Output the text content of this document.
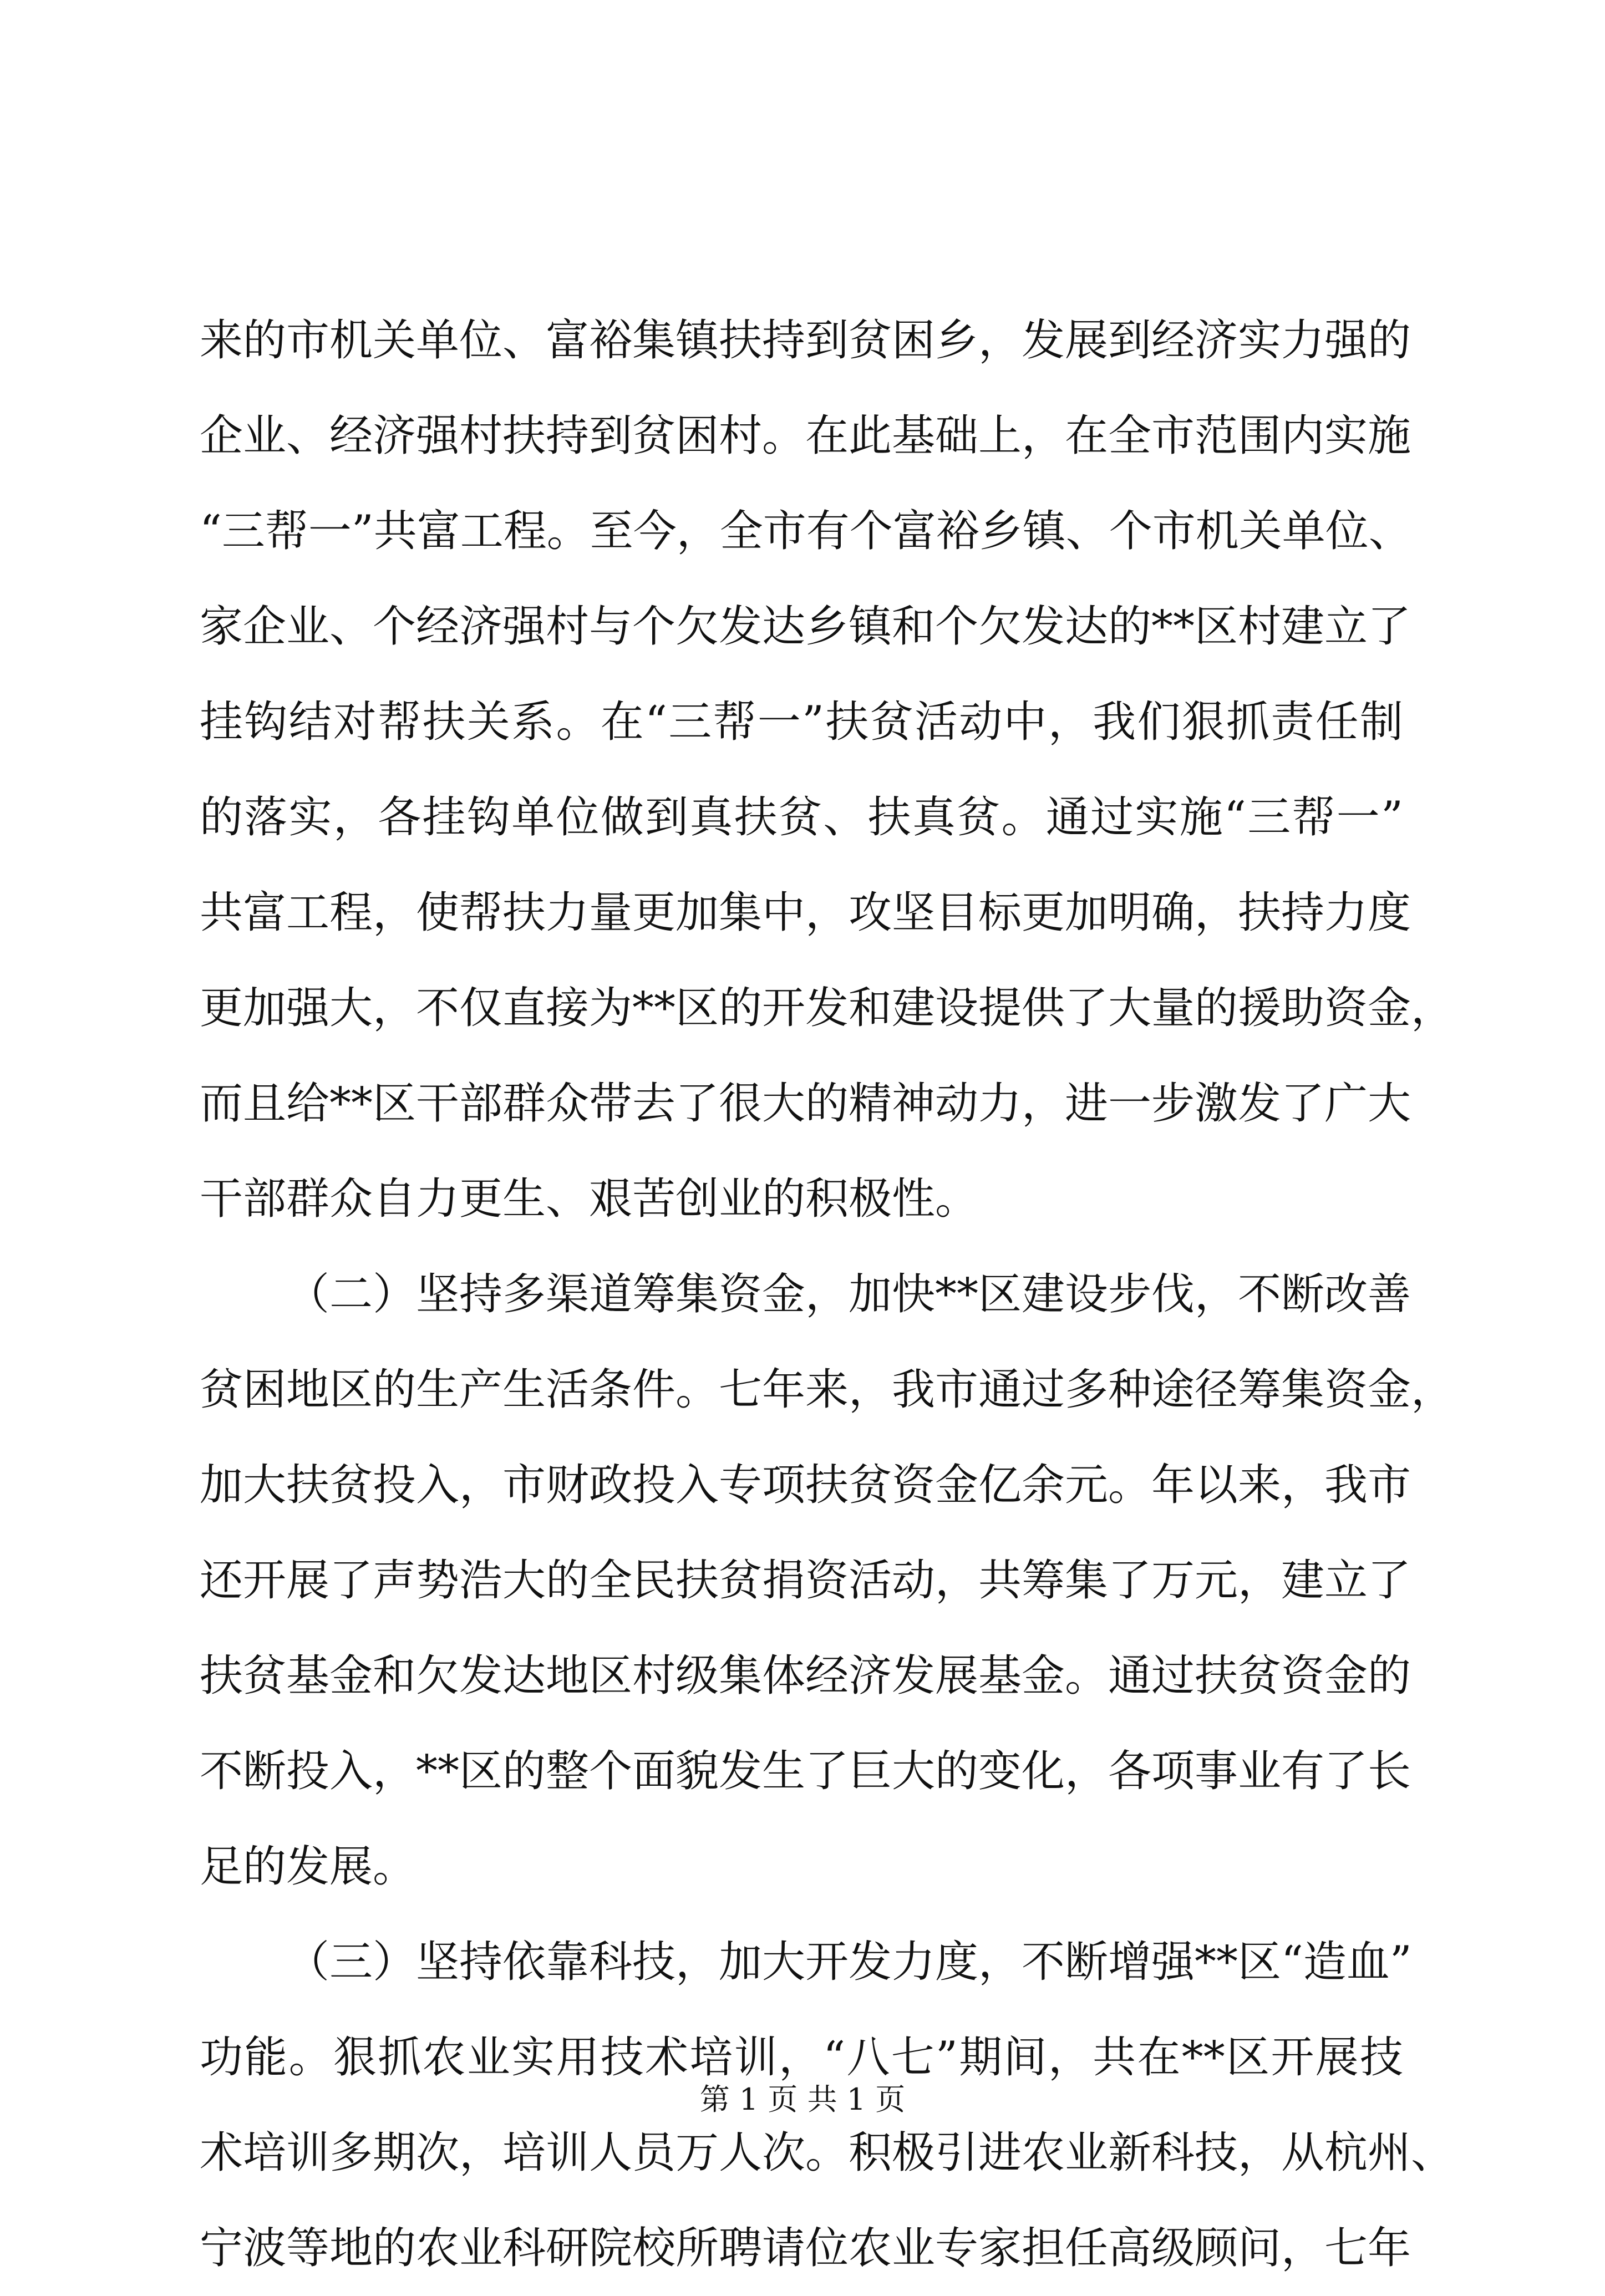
来的市机关单位、富裕集镇扶持到贫困乡，发展到经济实力强的
企业、经济强村扶持到贫困村。在此基础上，在全市范围内实施
“三帮一”共富工程。至今，全市有个富裕乡镇、个市机关单位、
家企业、个经济强村与个欠发达乡镇和个欠发达的**区村建立了
挂钩结对帮扶关系。在“三帮一”扶贫活动中，我们狠抓责任制
的落实，各挂钩单位做到真扶贫、扶真贫。通过实施“三帮一”
共富工程，使帮扶力量更加集中，攻坚目标更加明确，扶持力度
更加强大，不仅直接为**区的开发和建设提供了大量的援助资金，
而且给**区干部群众带去了很大的精神动力，进一步激发了广大
干部群众自力更生、艰苦创业的积极性。
（二）坚持多渠道筹集资金，加快**区建设步伐，不断改善
贫困地区的生产生活条件。七年来，我市通过多种途径筹集资金，
加大扶贫投入，市财政投入专项扶贫资金亿余元。年以来，我市
还开展了声势浩大的全民扶贫捐资活动，共筹集了万元，建立了
扶贫基金和欠发达地区村级集体经济发展基金。通过扶贫资金的
不断投入，**区的整个面貌发生了巨大的变化，各项事业有了长
足的发展。
（三）坚持依靠科技，加大开发力度，不断增强**区“造血”
功能。狠抓农业实用技术培训，“八七”期间，共在**区开展技
术培训多期次，培训人员万人次。积极引进农业新科技，从杭州、
宁波等地的农业科研院校所聘请位农业专家担任高级顾问，七年
第 1 页 共 1 页
